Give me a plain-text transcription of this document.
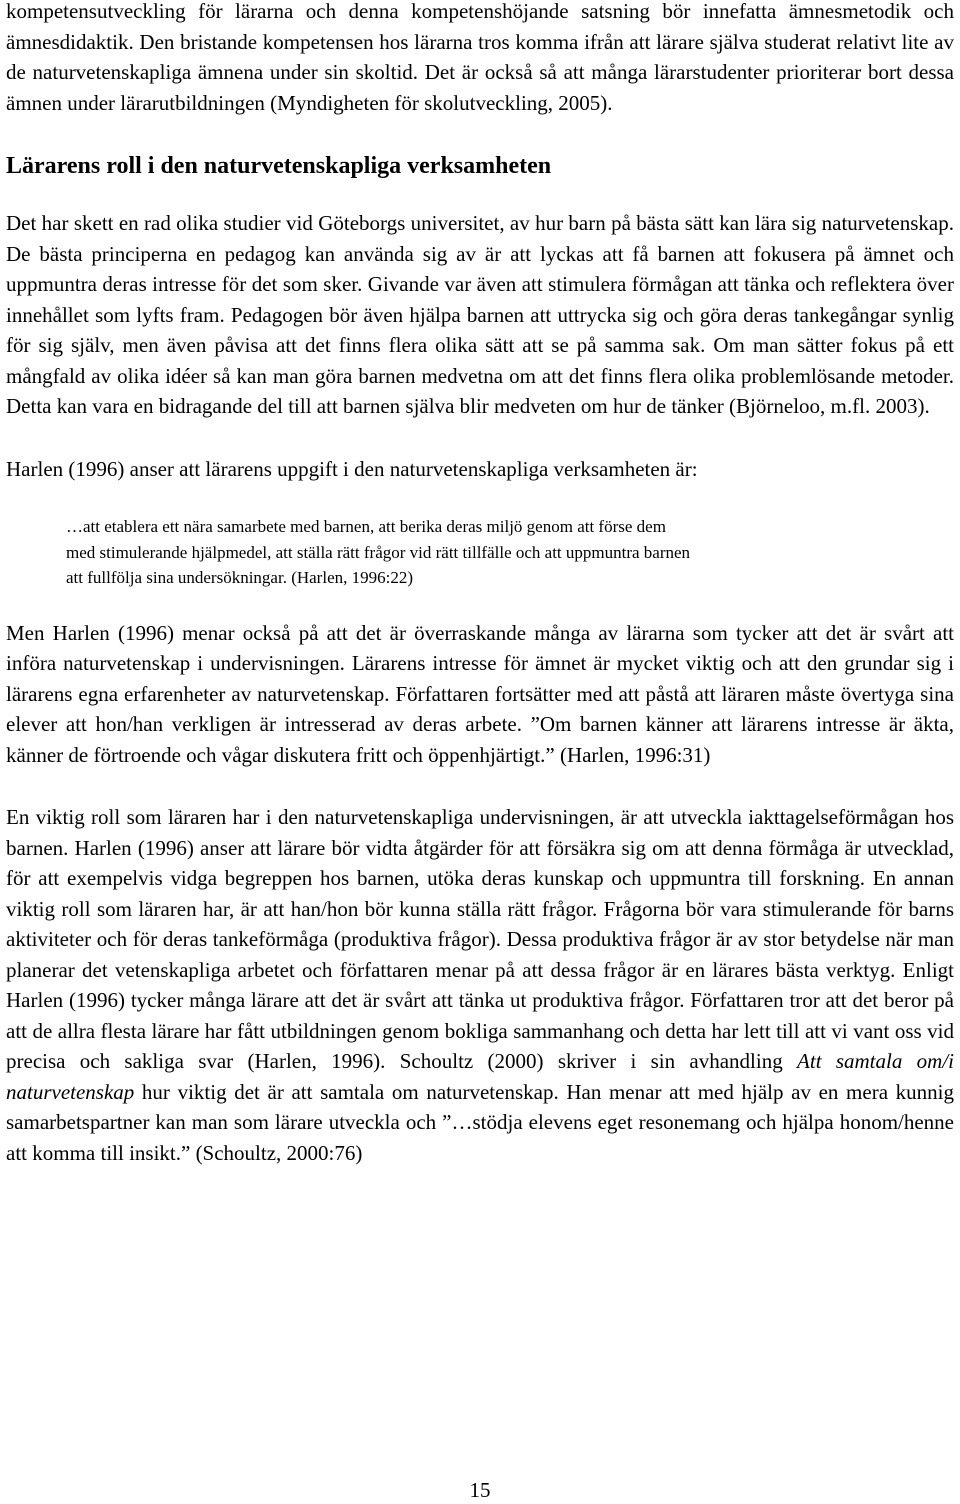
kompetensutveckling för lärarna och denna kompetenshöjande satsning bör innefatta ämnesmetodik och ämnesdidaktik. Den bristande kompetensen hos lärarna tros komma ifrån att lärare själva studerat relativt lite av de naturvetenskapliga ämnena under sin skoltid. Det är också så att många lärarstudenter prioriterar bort dessa ämnen under lärarutbildningen (Myndigheten för skolutveckling, 2005).

Lärarens roll i den naturvetenskapliga verksamheten

Det har skett en rad olika studier vid Göteborgs universitet, av hur barn på bästa sätt kan lära sig naturvetenskap. De bästa principerna en pedagog kan använda sig av är att lyckas att få barnen att fokusera på ämnet och uppmuntra deras intresse för det som sker. Givande var även att stimulera förmågan att tänka och reflektera över innehållet som lyfts fram. Pedagogen bör även hjälpa barnen att uttrycka sig och göra deras tankegångar synlig för sig själv, men även påvisa att det finns flera olika sätt att se på samma sak. Om man sätter fokus på ett mångfald av olika idéer så kan man göra barnen medvetna om att det finns flera olika problemlösande metoder. Detta kan vara en bidragande del till att barnen själva blir medveten om hur de tänker (Björneloo, m.fl. 2003).

Harlen (1996) anser att lärarens uppgift i den naturvetenskapliga verksamheten är:

…att etablera ett nära samarbete med barnen, att berika deras miljö genom att förse dem
med stimulerande hjälpmedel, att ställa rätt frågor vid rätt tillfälle och att uppmuntra barnen
att fullfölja sina undersökningar. (Harlen, 1996:22)

Men Harlen (1996) menar också på att det är överraskande många av lärarna som tycker att det är svårt att införa naturvetenskap i undervisningen. Lärarens intresse för ämnet är mycket viktig och att den grundar sig i lärarens egna erfarenheter av naturvetenskap. Författaren fortsätter med att påstå att läraren måste övertyga sina elever att hon/han verkligen är intresserad av deras arbete. ”Om barnen känner att lärarens intresse är äkta, känner de förtroende och vågar diskutera fritt och öppenhjärtigt.” (Harlen, 1996:31)

En viktig roll som läraren har i den naturvetenskapliga undervisningen, är att utveckla iakttagelseförmågan hos barnen. Harlen (1996) anser att lärare bör vidta åtgärder för att försäkra sig om att denna förmåga är utvecklad, för att exempelvis vidga begreppen hos barnen, utöka deras kunskap och uppmuntra till forskning. En annan viktig roll som läraren har, är att han/hon bör kunna ställa rätt frågor. Frågorna bör vara stimulerande för barns aktiviteter och för deras tankeförmåga (produktiva frågor). Dessa produktiva frågor är av stor betydelse när man planerar det vetenskapliga arbetet och författaren menar på att dessa frågor är en lärares bästa verktyg. Enligt Harlen (1996) tycker många lärare att det är svårt att tänka ut produktiva frågor. Författaren tror att det beror på att de allra flesta lärare har fått utbildningen genom bokliga sammanhang och detta har lett till att vi vant oss vid precisa och sakliga svar (Harlen, 1996). Schoultz (2000) skriver i sin avhandling Att samtala om/i naturvetenskap hur viktig det är att samtala om naturvetenskap. Han menar att med hjälp av en mera kunnig samarbetspartner kan man som lärare utveckla och ”…stödja elevens eget resonemang och hjälpa honom/henne att komma till insikt.” (Schoultz, 2000:76)

15
